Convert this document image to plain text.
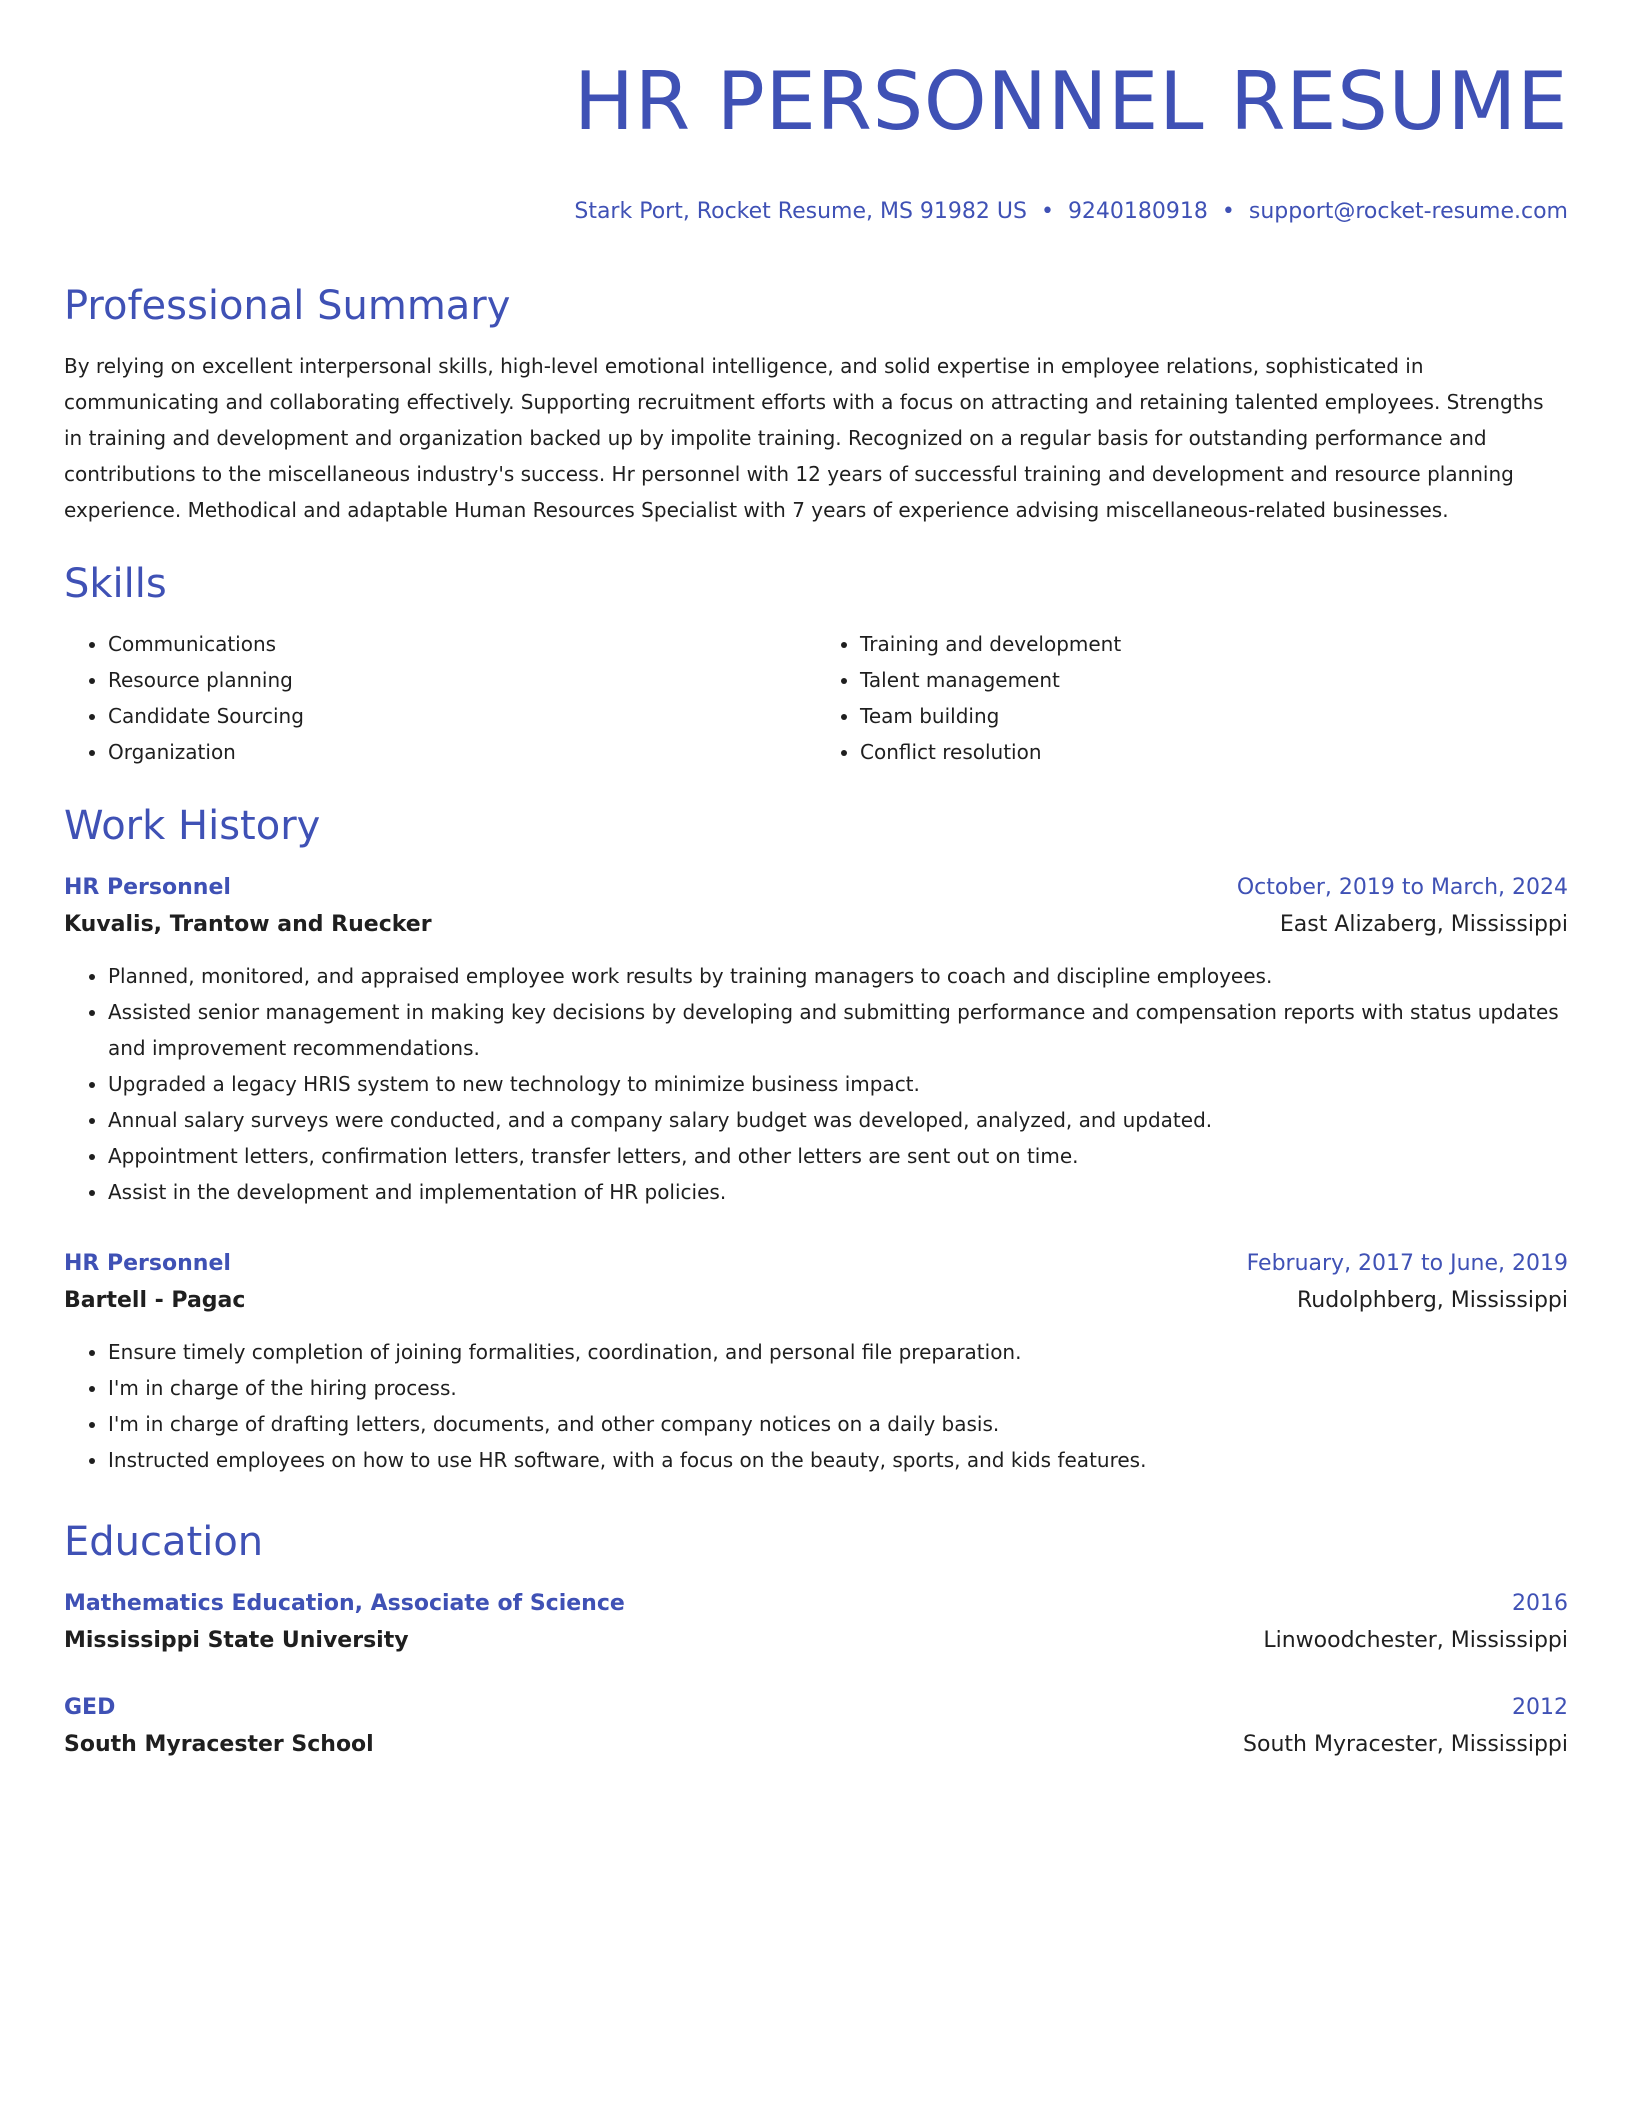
HR PERSONNEL RESUME
Stark Port, Rocket Resume, MS 91982 US • 9240180918 • support@rocket-resume.com
Professional Summary

By relying on excellent interpersonal skills, high-level emotional intelligence, and solid expertise in employee relations, sophisticated in communicating and collaborating effectively. Supporting recruitment efforts with a focus on attracting and retaining talented employees. Strengths in training and development and organization backed up by impolite training. Recognized on a regular basis for outstanding performance and contributions to the miscellaneous industry's success. Hr personnel with 12 years of successful training and development and resource planning experience. Methodical and adaptable Human Resources Specialist with 7 years of experience advising miscellaneous-related businesses.

Skills
• Communications
• Resource planning
• Candidate Sourcing
• Organization
• Training and development
• Talent management
• Team building
• Conflict resolution
Work History
HR Personnel	October, 2019 to March, 2024
Kuvalis, Trantow and Ruecker	East Alizaberg, Mississippi
• Planned, monitored, and appraised employee work results by training managers to coach and discipline employees.
• Assisted senior management in making key decisions by developing and submitting performance and compensation reports with status updates and improvement recommendations.
• Upgraded a legacy HRIS system to new technology to minimize business impact.
• Annual salary surveys were conducted, and a company salary budget was developed, analyzed, and updated.
• Appointment letters, confirmation letters, transfer letters, and other letters are sent out on time.
• Assist in the development and implementation of HR policies.
HR Personnel	February, 2017 to June, 2019
Bartell - Pagac	Rudolphberg, Mississippi
• Ensure timely completion of joining formalities, coordination, and personal file preparation.
• I'm in charge of the hiring process.
• I'm in charge of drafting letters, documents, and other company notices on a daily basis.
• Instructed employees on how to use HR software, with a focus on the beauty, sports, and kids features.
Education
Mathematics Education, Associate of Science	2016
Mississippi State University	Linwoodchester, Mississippi
GED	2012
South Myracester School	South Myracester, Mississippi
